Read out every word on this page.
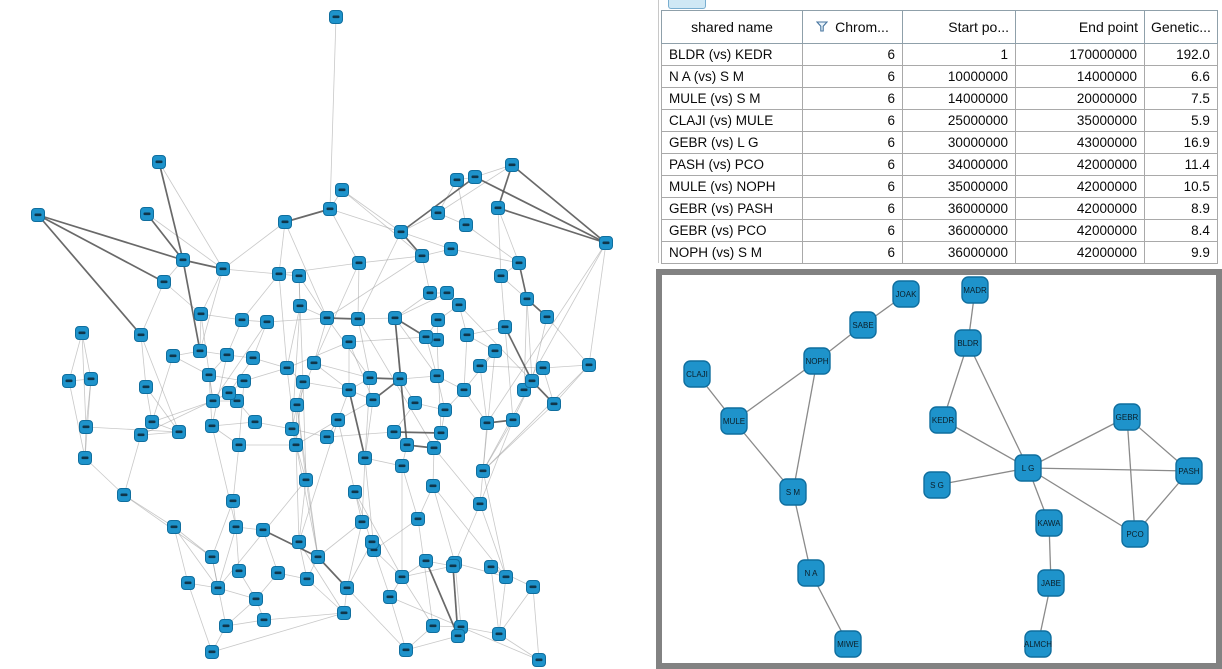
shared name	Chrom...	Start po...	End point	Genetic...
BLDR (vs) KEDR	6	1	170000000	192.0
N A (vs) S M	6	10000000	14000000	6.6
MULE (vs) S M	6	14000000	20000000	7.5
CLAJI (vs) MULE	6	25000000	35000000	5.9
GEBR (vs) L G	6	30000000	43000000	16.9
PASH (vs) PCO	6	34000000	42000000	11.4
MULE (vs) NOPH	6	35000000	42000000	10.5
GEBR (vs) PASH	6	36000000	42000000	8.9
GEBR (vs) PCO	6	36000000	42000000	8.4
NOPH (vs) S M	6	36000000	42000000	9.9
JOAK	MADR
SABE
NOPH
BLDR
CLAJI
MULE	KEDR	GEBR
L G
S G
PASH
S M
KAWA
PCO
N A
JABE
MIWE	ALMCH
